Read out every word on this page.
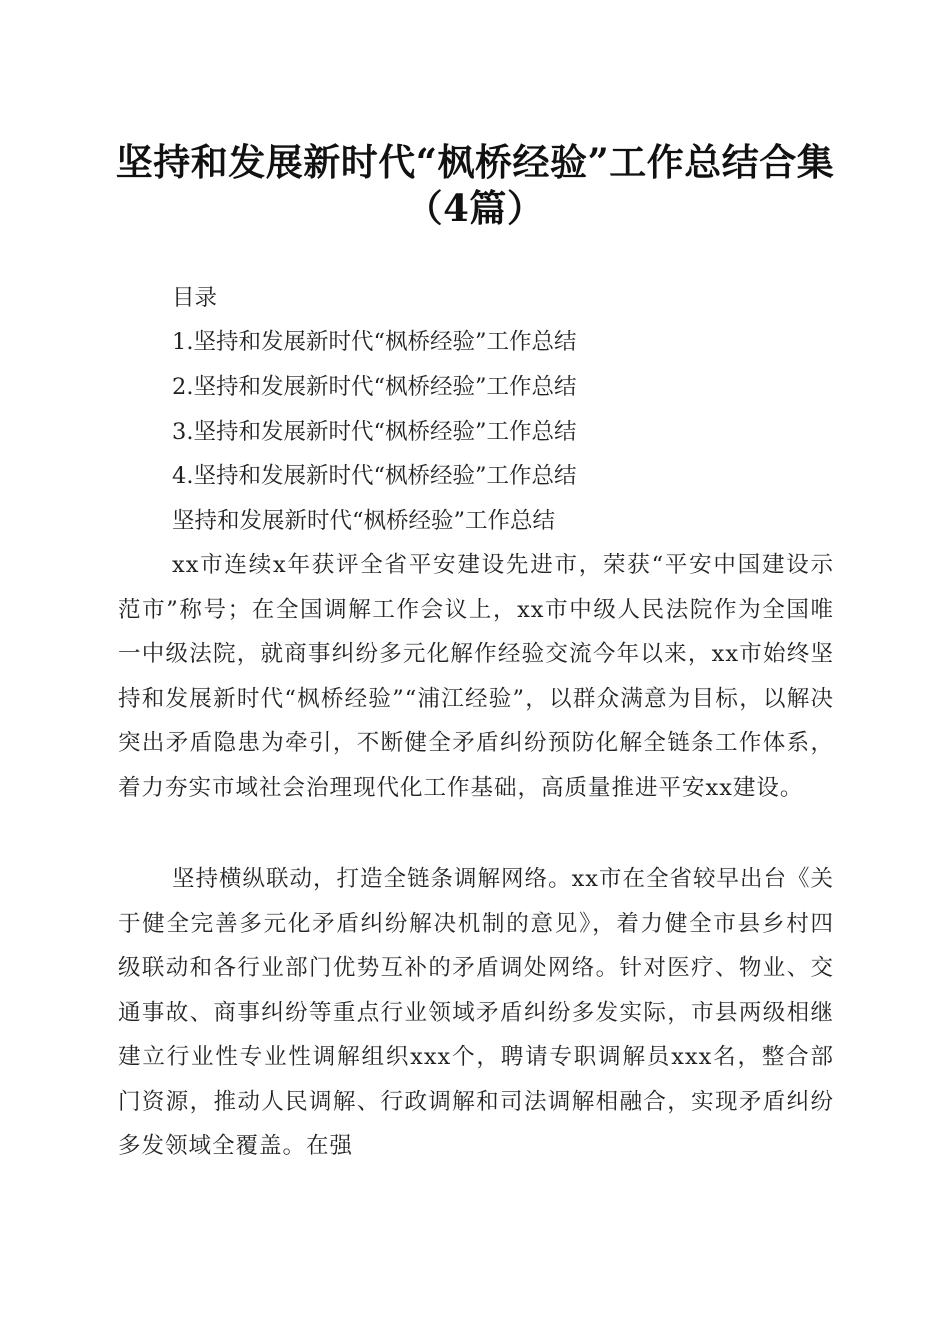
坚持和发展新时代“枫桥经验”工作总结合集
（4篇）
目录
1.坚持和发展新时代“枫桥经验”工作总结
2.坚持和发展新时代“枫桥经验”工作总结
3.坚持和发展新时代“枫桥经验”工作总结
4.坚持和发展新时代“枫桥经验”工作总结
坚持和发展新时代“枫桥经验”工作总结

xx市连续x年获评全省平安建设先进市，荣获“平安中国建设示范市”称号；在全国调解工作会议上，xx市中级人民法院作为全国唯一中级法院，就商事纠纷多元化解作经验交流今年以来，xx市始终坚持和发展新时代“枫桥经验”“浦江经验”，以群众满意为目标，以解决突出矛盾隐患为牵引，不断健全矛盾纠纷预防化解全链条工作体系，着力夯实市域社会治理现代化工作基础，高质量推进平安xx建设。

坚持横纵联动，打造全链条调解网络。xx市在全省较早出台《关于健全完善多元化矛盾纠纷解决机制的意见》，着力健全市县乡村四级联动和各行业部门优势互补的矛盾调处网络。针对医疗、物业、交通事故、商事纠纷等重点行业领域矛盾纠纷多发实际，市县两级相继建立行业性专业性调解组织xxx个，聘请专职调解员xxx名，整合部门资源，推动人民调解、行政调解和司法调解相融合，实现矛盾纠纷多发领域全覆盖。在强
